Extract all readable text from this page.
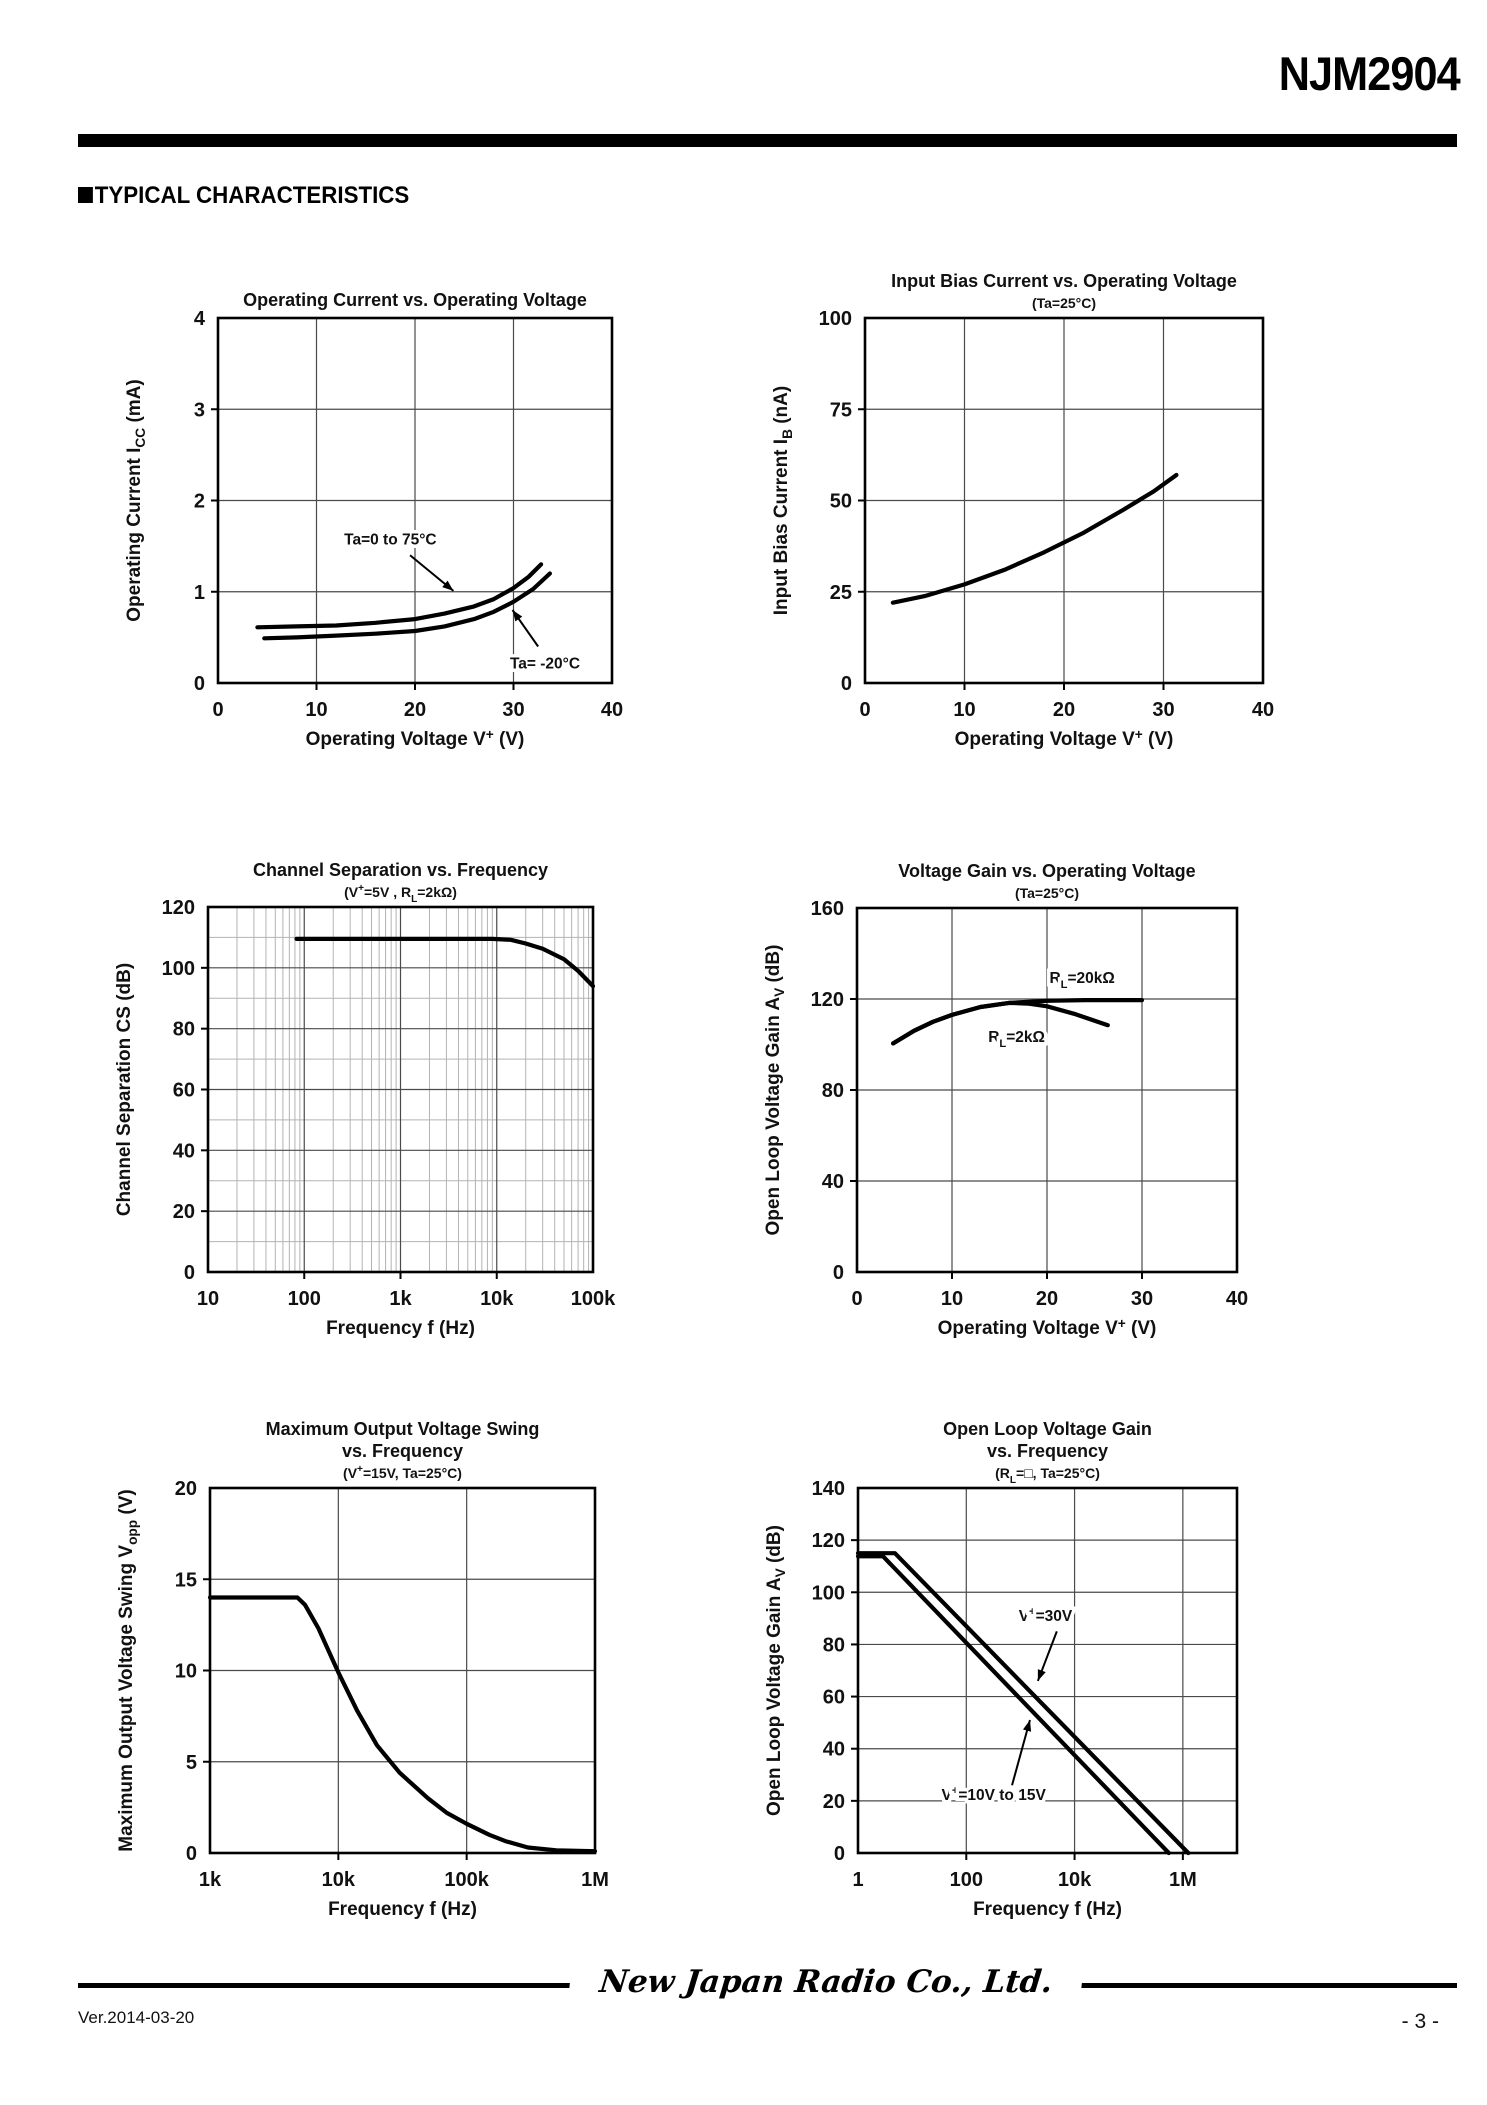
NJM2904
TYPICAL CHARACTERISTICS
0	10	20	30	40
0
1
2
3
4
Operating Voltage V+ (V)
Operating Current $I_{CC}$ (mA)
Operating Current vs. Operating Voltage
Ta=0 to 75°C
Ta= -20°C
0	10	20	30	40
0
25
50
75
100
Operating Voltage V+ (V)
Input Bias Current $I_B$ (nA)
(Ta=25°C)
Input Bias Current vs. Operating Voltage
10	100	1k	10k	100k
0
20
40
60
80
100
120
Frequency f (Hz)
Channel Separation CS (dB)
(V+=5V , $R_L=2k\Omega$)
Channel Separation vs. Frequency
0	10	20	30	40
0
40
80
120
160
Operating Voltage V+ (V)
Open Loop Voltage Gain $A_V$ (dB)
(Ta=25°C)
Voltage Gain vs. Operating Voltage
$R_L=20k\Omega$
$R_L=2k\Omega$
1k	10k	100k	1M
0
5
10
15
20
Frequency f (Hz)
Maximum Output Voltage Swing $V_{opp}$ (V)
(V+=15V, Ta=25°C)
vs. Frequency
Maximum Output Voltage Swing
1	100	10k	1M
0
20
40
60
80
100
120
140
Frequency f (Hz)
Open Loop Voltage Gain $A_V$ (dB)
($R_L=□$, Ta=25°C)
vs. Frequency
Open Loop Voltage Gain
V+=30V
V+=10V to 15V
New Japan Radio Co., Ltd.
Ver.2014-03-20	- 3 -
